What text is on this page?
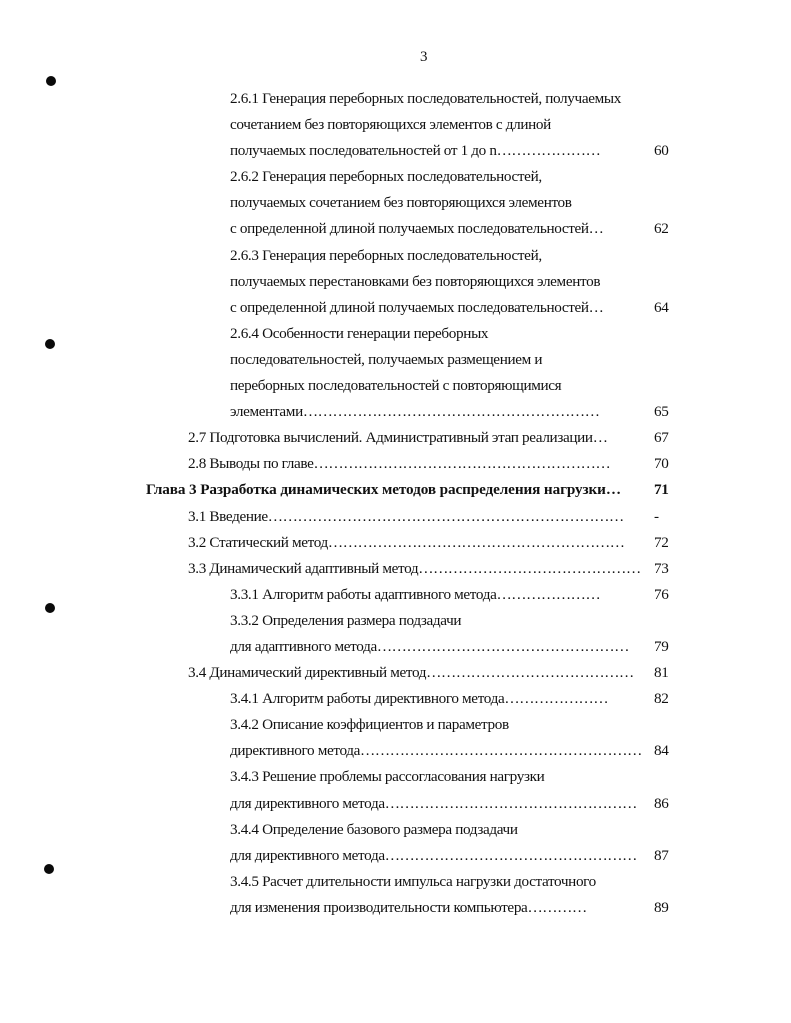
3
2.6.1 Генерация переборных последовательностей, получаемых
сочетанием без повторяющихся элементов с длиной
получаемых последовательностей от 1 до n…………………	60
2.6.2 Генерация переборных последовательностей,
получаемых сочетанием без повторяющихся элементов
с определенной длиной получаемых последовательностей…	62
2.6.3 Генерация переборных последовательностей,
получаемых перестановками без повторяющихся элементов
с определенной длиной получаемых последовательностей…	64
2.6.4 Особенности генерации переборных
последовательностей, получаемых размещением и
переборных последовательностей с повторяющимися
элементами……………………………………………………	65
2.7 Подготовка вычислений. Административный этап реализации…	67
2.8 Выводы по главе……………………………………………………	70
Глава 3 Разработка динамических методов распределения нагрузки… 71
3.1 Введение……………………………………………………………… -
3.2 Статический метод…………………………………………………… 72
3.3 Динамический адаптивный метод……………………………………… 73
3.3.1 Алгоритм работы адаптивного метода…………………	76
3.3.2 Определения размера подзадачи
для адаптивного метода…………………………………………… 79
3.4 Динамический директивный метод…………………………………… 81
3.4.1 Алгоритм работы директивного метода…………………	82
3.4.2 Описание коэффициентов и параметров
директивного метода………………………………………………… 84
3.4.3 Решение проблемы рассогласования нагрузки
для директивного метода…………………………………………… 86
3.4.4 Определение базового размера подзадачи
для директивного метода…………………………………………… 87
3.4.5 Расчет длительности импульса нагрузки достаточного
для изменения производительности компьютера…………	89
